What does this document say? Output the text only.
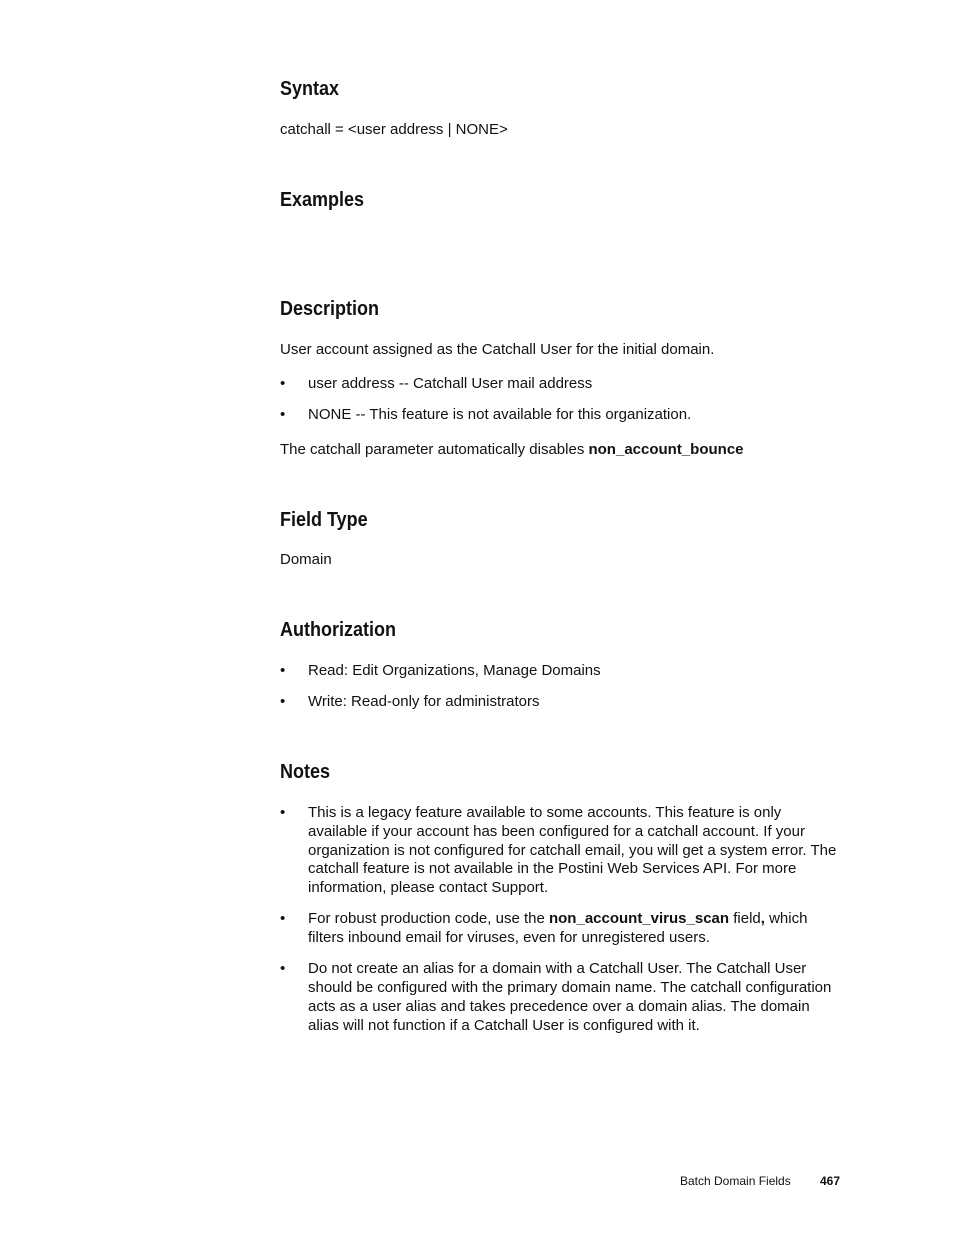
Syntax

catchall = <user address | NONE>

Examples
Description

User account assigned as the Catchall User for the initial domain.

• user address -- Catchall User mail address
• NONE -- This feature is not available for this organization.

The catchall parameter automatically disables non_account_bounce

Field Type

Domain

Authorization
• Read: Edit Organizations, Manage Domains
• Write: Read-only for administrators
Notes
• This is a legacy feature available to some accounts. This feature is only available if your account has been configured for a catchall account. If your organization is not configured for catchall email, you will get a system error. The catchall feature is not available in the Postini Web Services API. For more information, please contact Support.
• For robust production code, use the non_account_virus_scan field, which filters inbound email for viruses, even for unregistered users.
• Do not create an alias for a domain with a Catchall User. The Catchall User should be configured with the primary domain name. The catchall configuration acts as a user alias and takes precedence over a domain alias. The domain alias will not function if a Catchall User is configured with it.
Batch Domain Fields 467
